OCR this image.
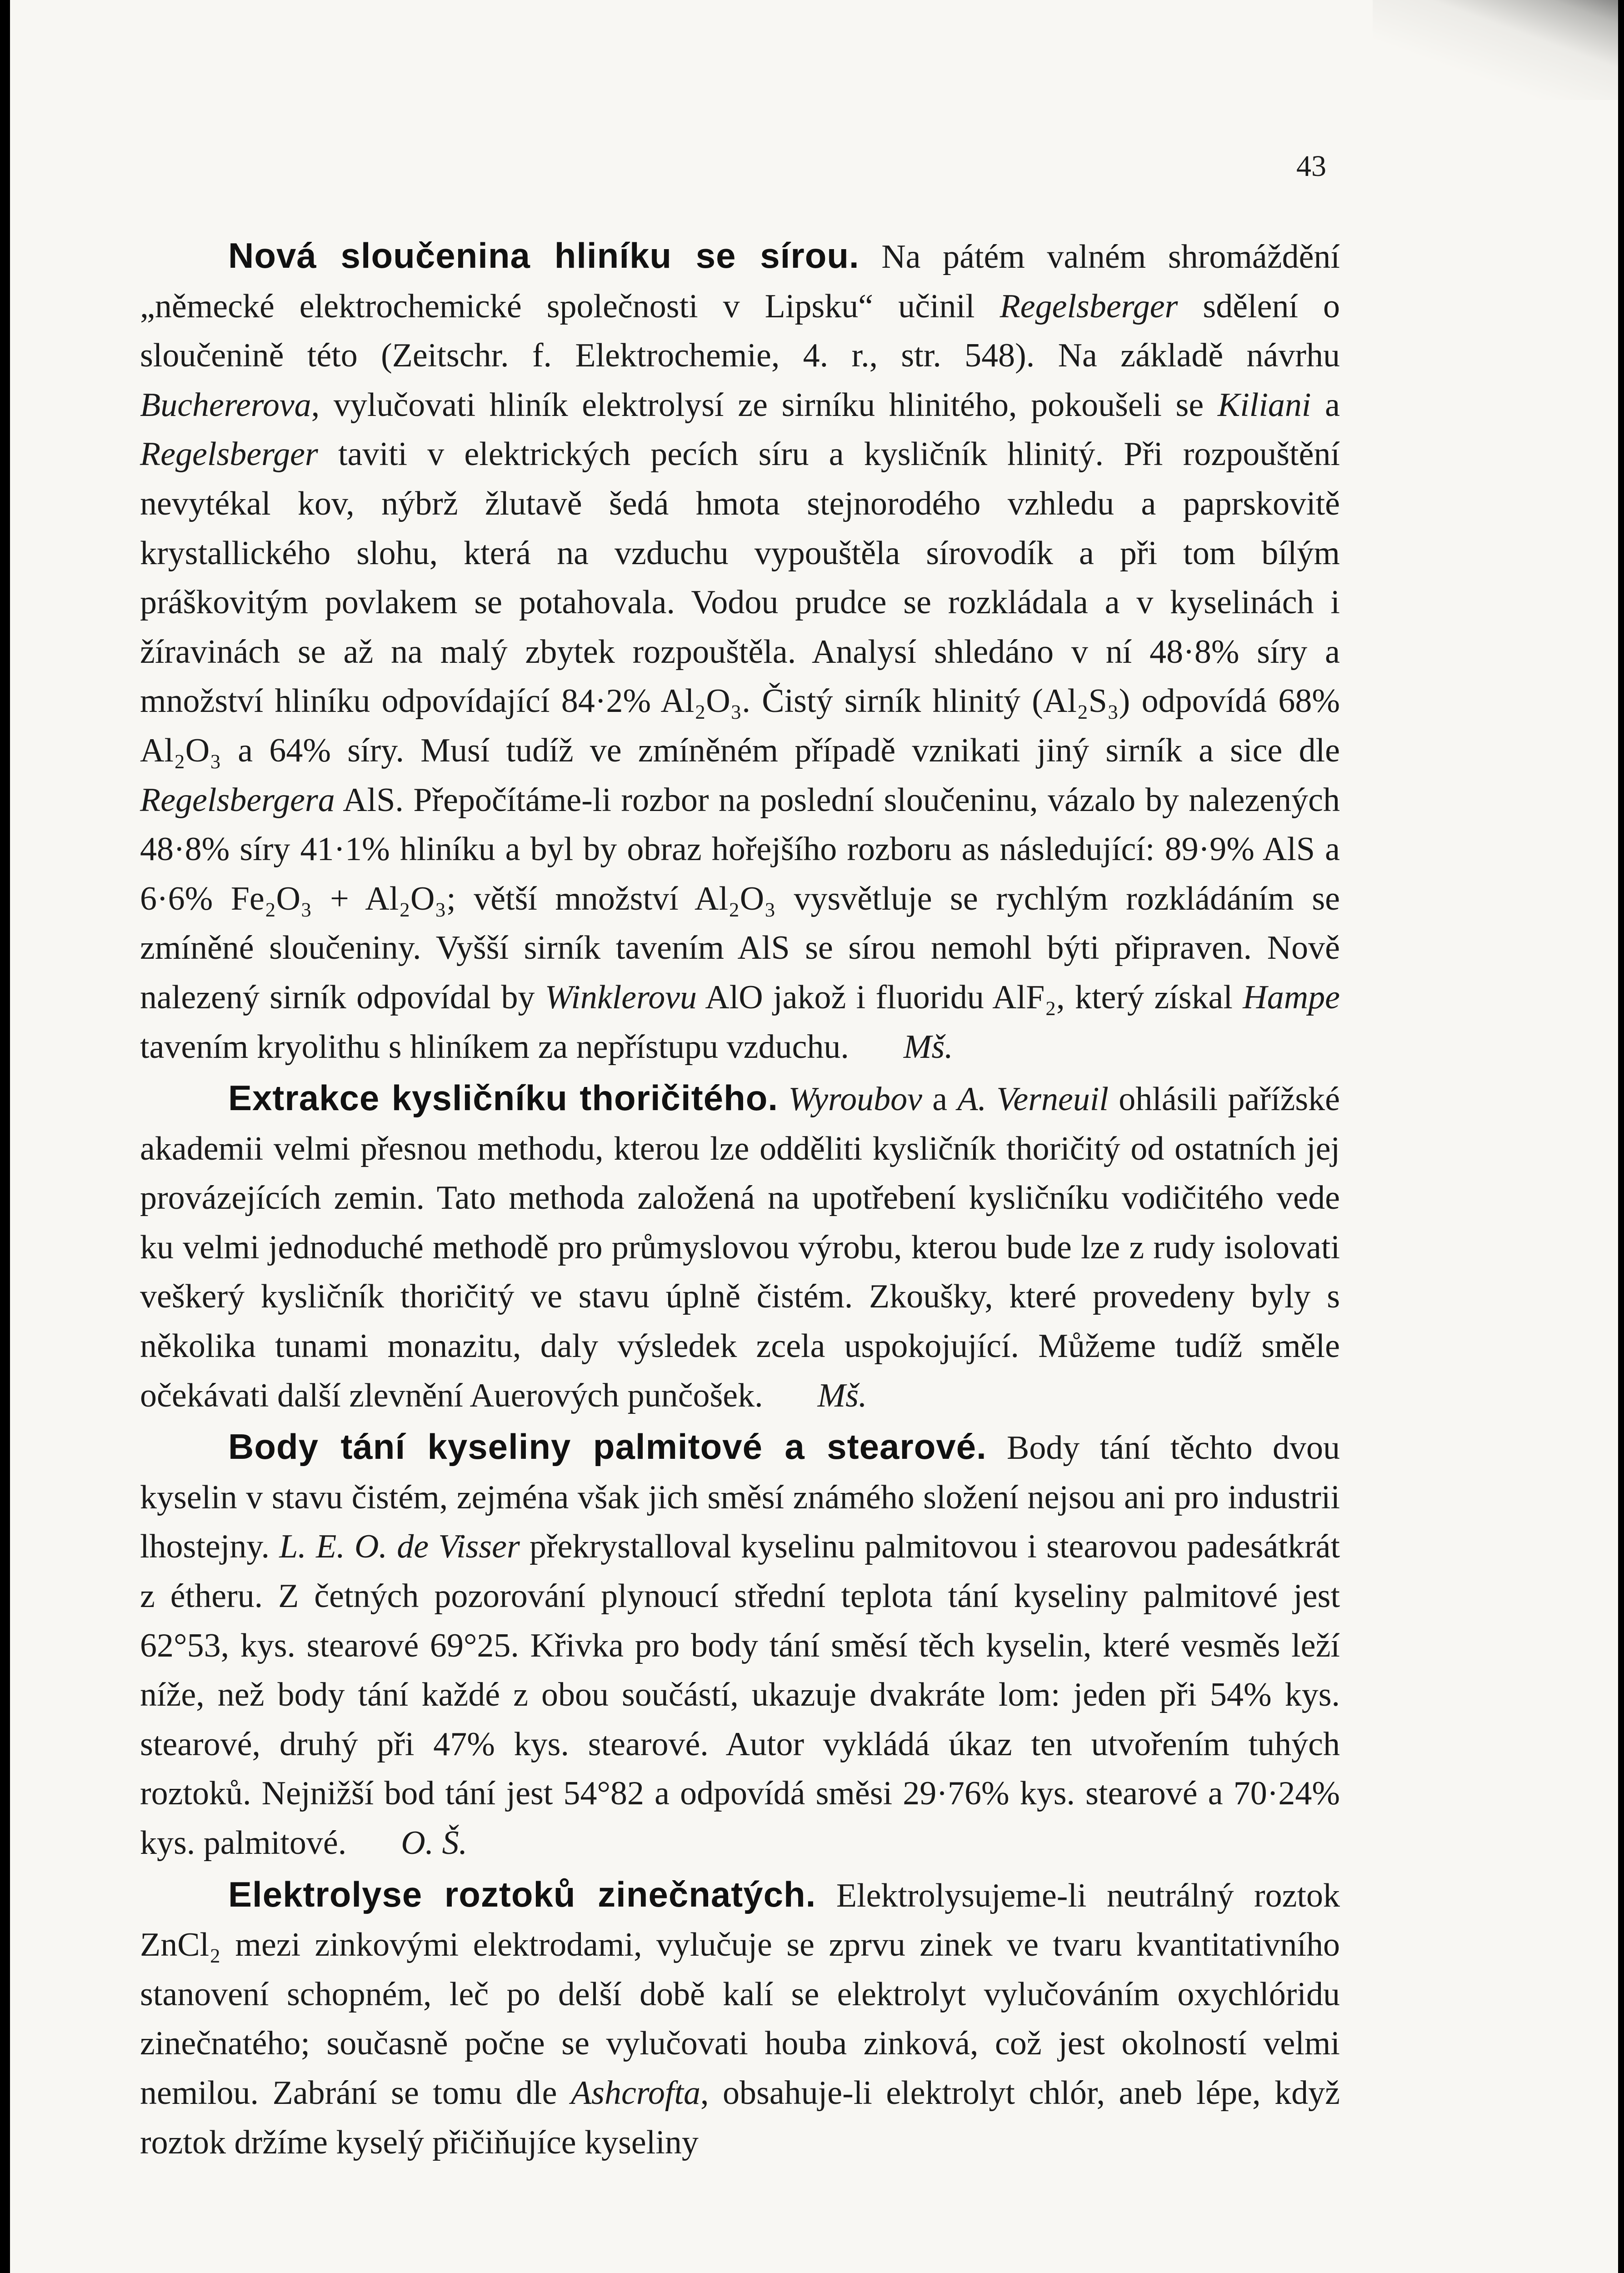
43

Nová sloučenina hliníku se sírou. Na pátém valném shromáždění „německé elektrochemické společnosti v Lipsku“ učinil Regelsberger sdělení o sloučenině této (Zeitschr. f. Elektrochemie, 4. r., str. 548). Na základě návrhu Buchererova, vylučovati hliník elektrolysí ze sirníku hlinitého, pokoušeli se Kiliani a Regelsberger taviti v elektrických pecích síru a kysličník hlinitý. Při rozpouštění nevytékal kov, nýbrž žlutavě šedá hmota stejnorodého vzhledu a paprskovitě krystallického slohu, která na vzduchu vypouštěla sírovodík a při tom bílým práškovitým povlakem se potahovala. Vodou prudce se rozkládala a v kyselinách i žíravinách se až na malý zbytek rozpouštěla. Analysí shledáno v ní 48·8% síry a množství hliníku odpovídající 84·2% Al₂O₃. Čistý sirník hlinitý (Al₂S₃) odpovídá 68% Al₂O₃ a 64% síry. Musí tudíž ve zmíněném případě vznikati jiný sirník a sice dle Regelsbergera AlS. Přepočítáme-li rozbor na poslední sloučeninu, vázalo by nalezených 48·8% síry 41·1% hliníku a byl by obraz hořejšího rozboru as následující: 89·9% AlS a 6·6% Fe₂O₃ + Al₂O₃; větší množství Al₂O₃ vysvětluje se rychlým rozkládáním se zmíněné sloučeniny. Vyšší sirník tavením AlS se sírou nemohl býti připraven. Nově nalezený sirník odpovídal by Winklerovu AlO jakož i fluoridu AlF₂, který získal Hampe tavením kryolithu s hliníkem za nepřístupu vzduchu. Mš.

Extrakce kysličníku thoričitého. Wyroubov a A. Verneuil ohlásili pařížské akademii velmi přesnou methodu, kterou lze odděliti kysličník thoričitý od ostatních jej provázejících zemin. Tato methoda založená na upotřebení kysličníku vodičitého vede ku velmi jednoduché methodě pro průmyslovou výrobu, kterou bude lze z rudy isolovati veškerý kysličník thoričitý ve stavu úplně čistém. Zkoušky, které provedeny byly s několika tunami monazitu, daly výsledek zcela uspokojující. Můžeme tudíž směle očekávati další zlevnění Auerových punčošek. Mš.

Body tání kyseliny palmitové a stearové. Body tání těchto dvou kyselin v stavu čistém, zejména však jich směsí známého složení nejsou ani pro industrii lhostejny. L. E. O. de Visser překrystalloval kyselinu palmitovou i stearovou padesátkrát z étheru. Z četných pozorování plynoucí střední teplota tání kyseliny palmitové jest 62°53, kys. stearové 69°25. Křivka pro body tání směsí těch kyselin, které vesměs leží níže, než body tání každé z obou součástí, ukazuje dvakráte lom: jeden při 54% kys. stearové, druhý při 47% kys. stearové. Autor vykládá úkaz ten utvořením tuhých roztoků. Nejnižší bod tání jest 54°82 a odpovídá směsi 29·76% kys. stearové a 70·24% kys. palmitové. O. Š.

Elektrolyse roztoků zinečnatých. Elektrolysujeme-li neutrálný roztok ZnCl₂ mezi zinkovými elektrodami, vylučuje se zprvu zinek ve tvaru kvantitativního stanovení schopném, leč po delší době kalí se elektrolyt vylučováním oxychlóridu zinečnatého; současně počne se vylučovati houba zinková, což jest okolností velmi nemilou. Zabrání se tomu dle Ashcrofta, obsahuje-li elektrolyt chlór, aneb lépe, když roztok držíme kyselý přičiňujíce kyseliny
